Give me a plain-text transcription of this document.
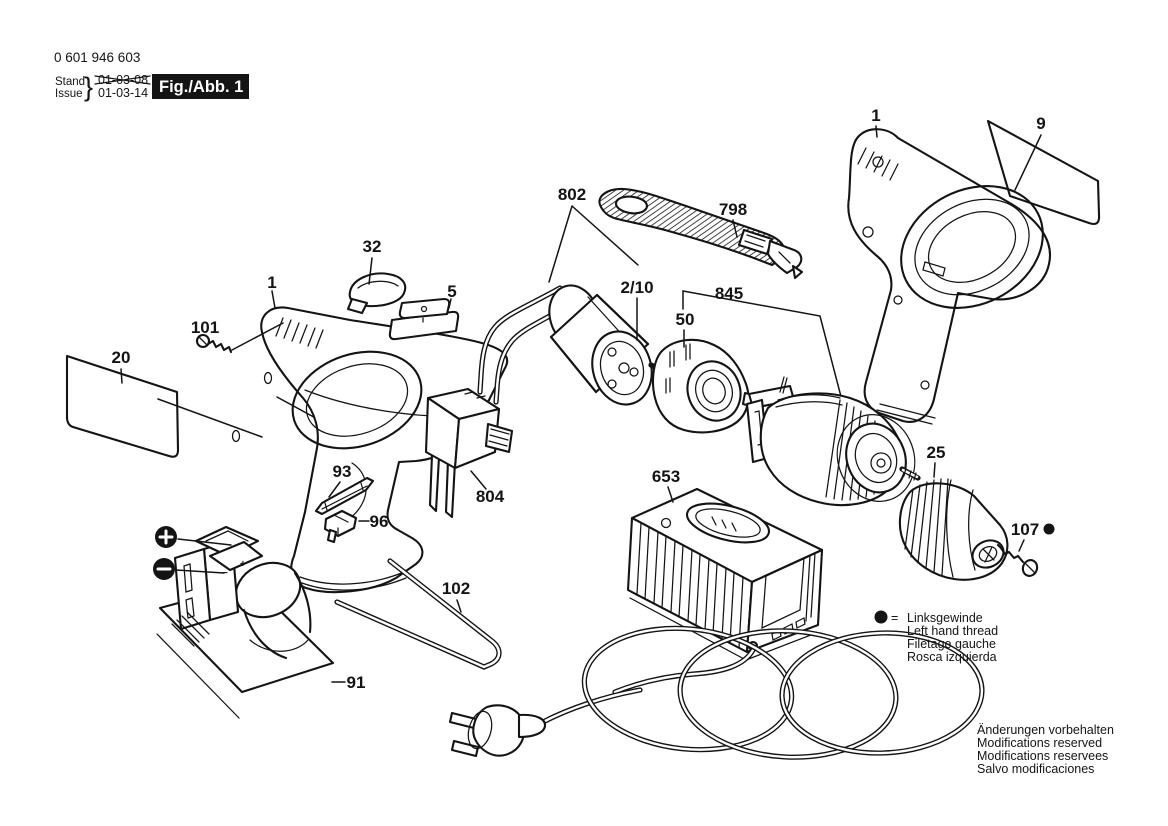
0 601 946 603
Stand
Issue } 01-03-08
01-03-14 Fig./Abb. 1
+
−
1
101
20
32
5
802
2/10
798
845
50
93
96
804
653
25
107
102
91
1	9
= Linksgewinde
Left hand thread
Filetage gauche
Rosca izquierda
Änderungen vorbehalten
Modifications reserved
Modifications reservees
Salvo modificaciones
